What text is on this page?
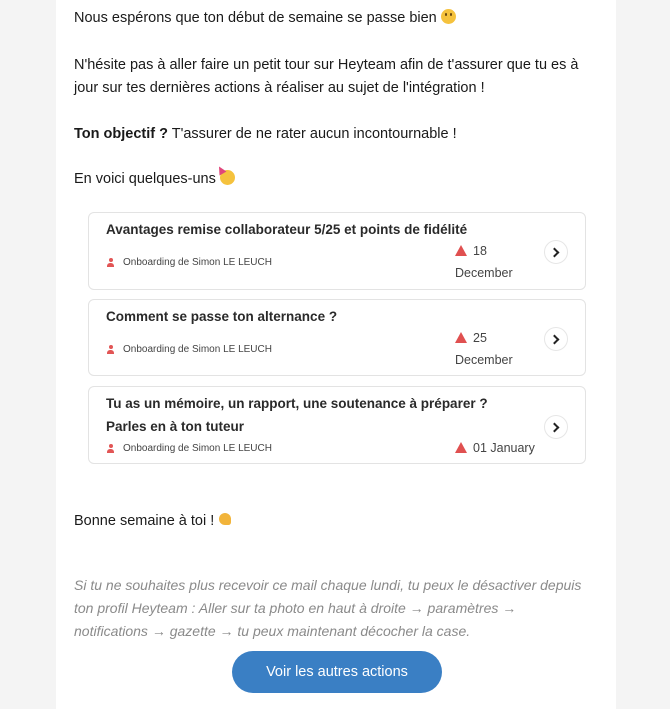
Nous espérons que ton début de semaine se passe bien
N'hésite pas à aller faire un petit tour sur Heyteam afin de t'assurer que tu es à jour sur tes dernières actions à réaliser au sujet de l'intégration !
Ton objectif ? T'assurer de ne rater aucun incontournable !
En voici quelques-uns
Avantages remise collaborateur 5/25 et points de fidélité
Onboarding de Simon LE LEUCH
18
December
Comment se passe ton alternance ?
Onboarding de Simon LE LEUCH
25
December
Tu as un mémoire, un rapport, une soutenance à préparer ? Parles en à ton tuteur
Onboarding de Simon LE LEUCH	01 January
Bonne semaine à toi !
Si tu ne souhaites plus recevoir ce mail chaque lundi, tu peux le désactiver depuis ton profil Heyteam : Aller sur ta photo en haut à droite → paramètres → notifications → gazette → tu peux maintenant décocher la case.
Voir les autres actions
